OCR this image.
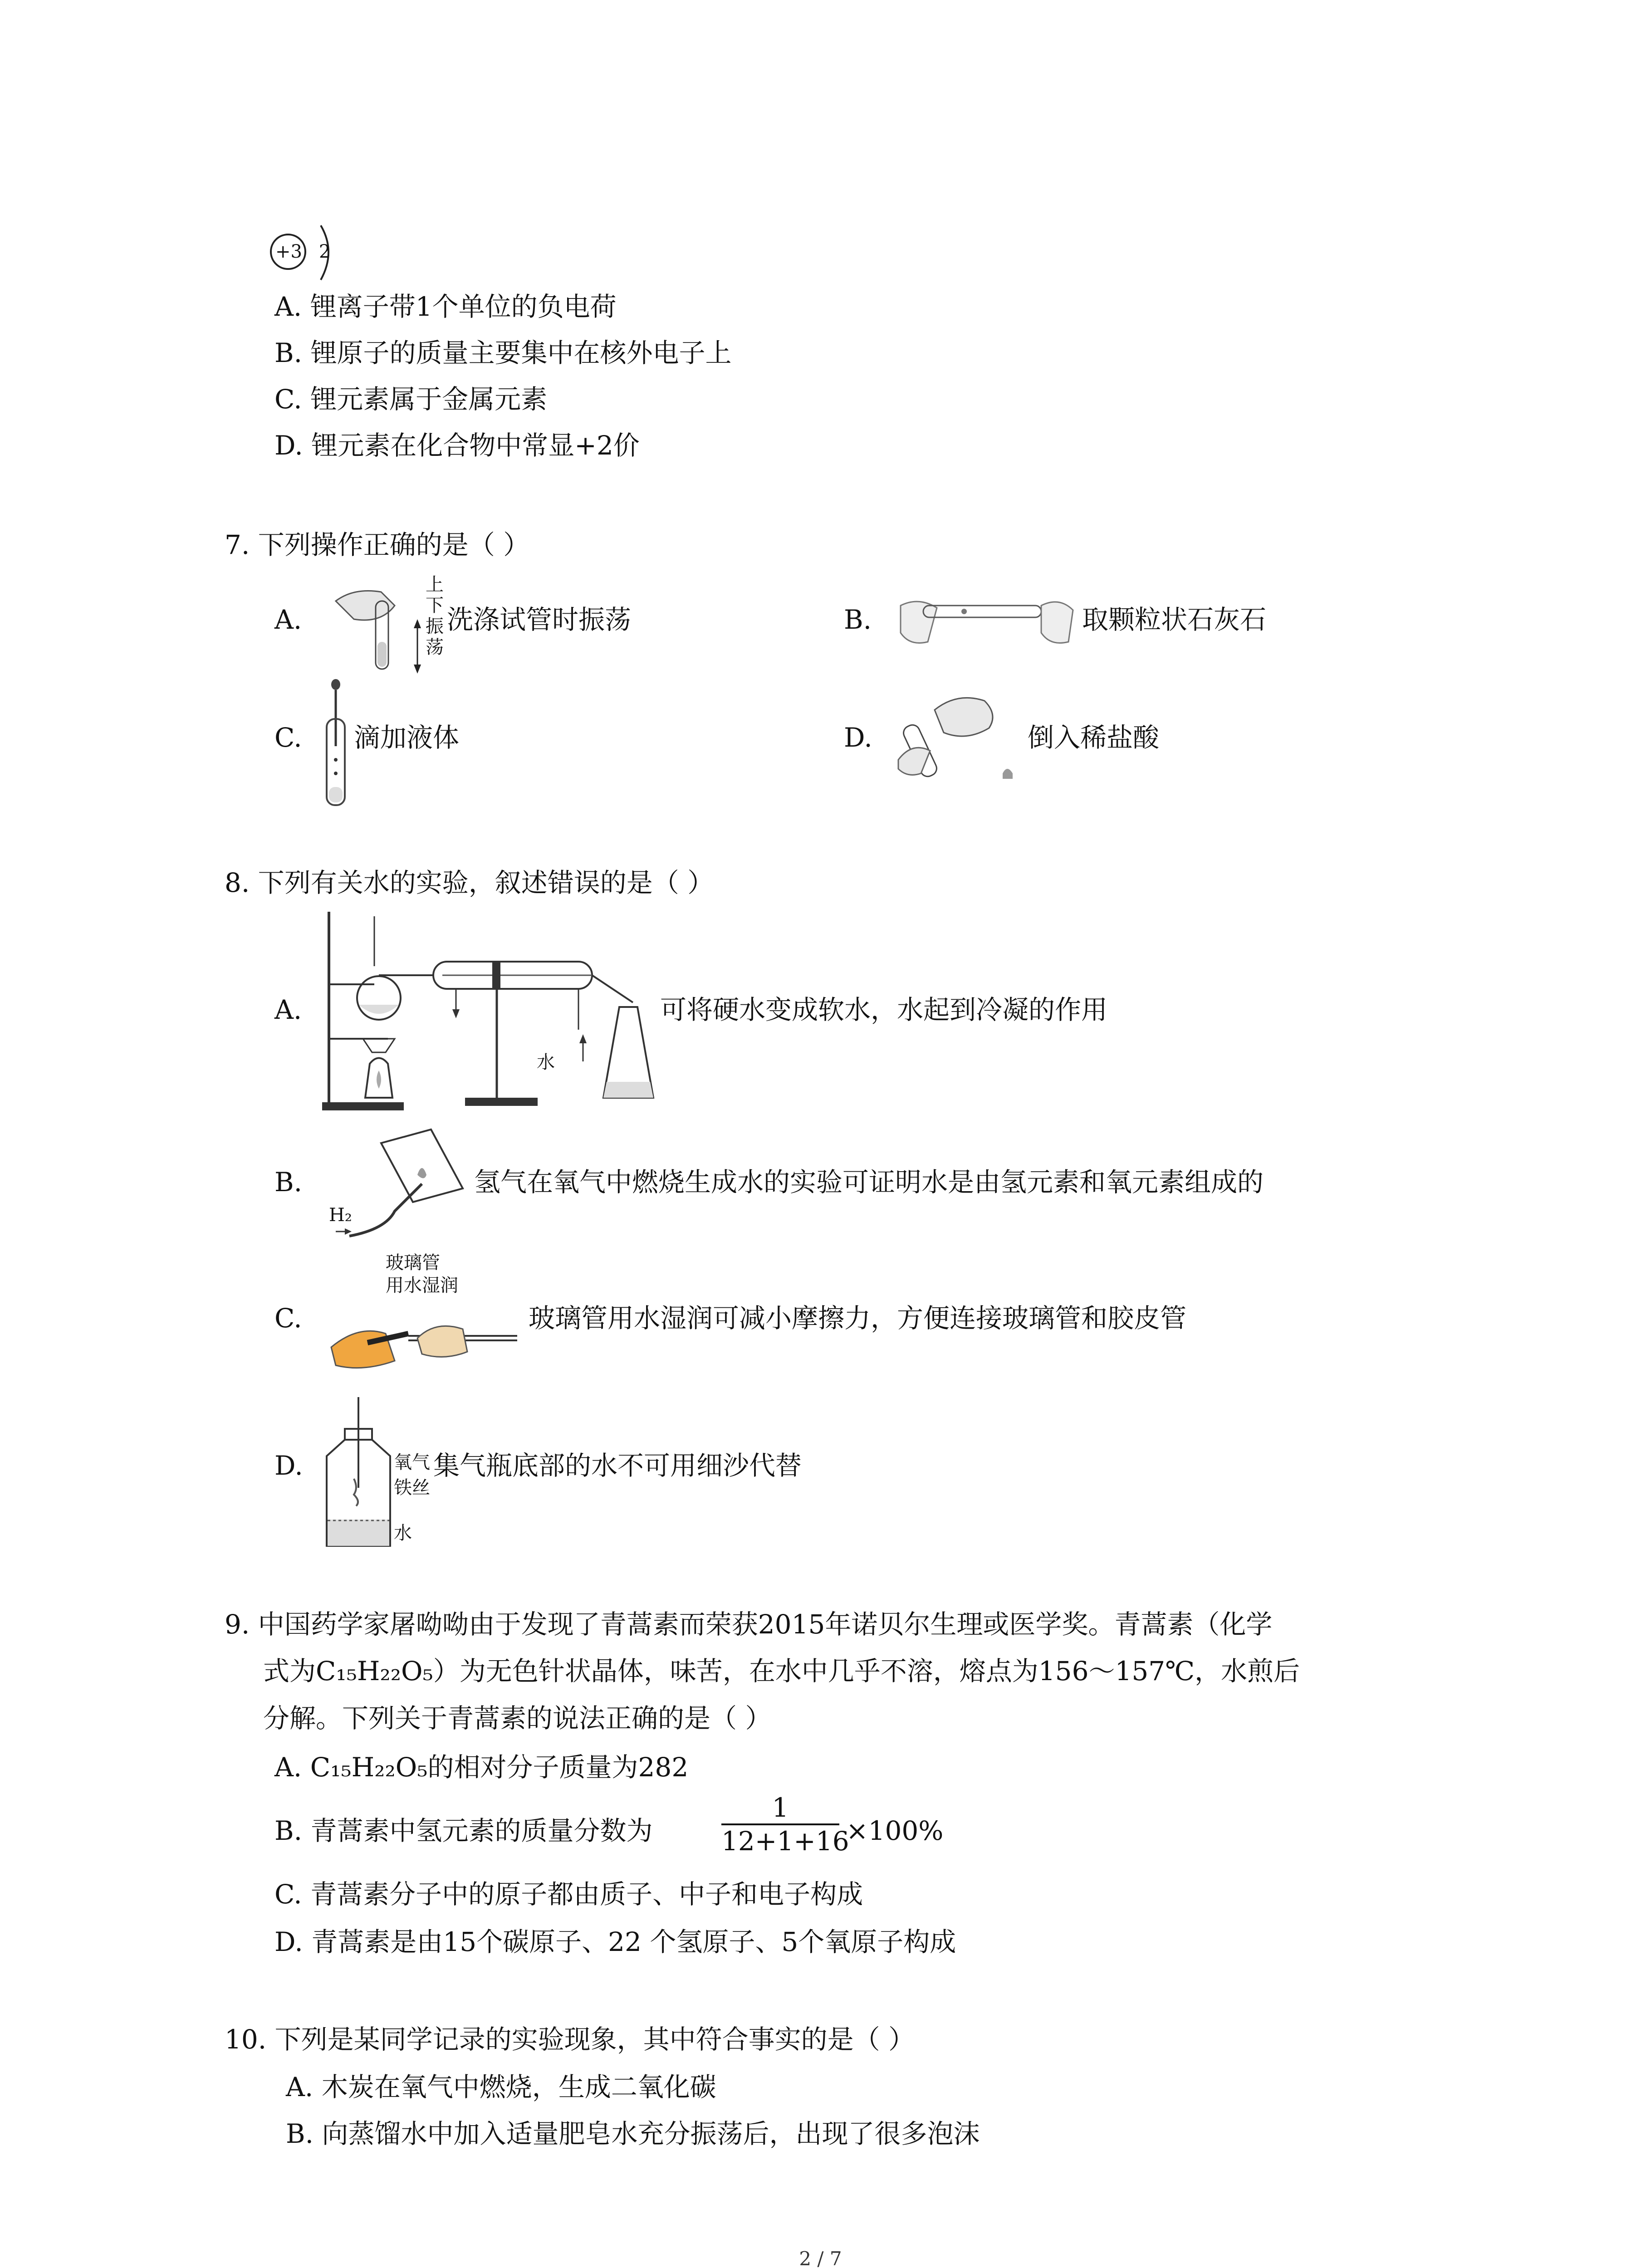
+3 2
A. 锂离子带1个单位的负电荷
B. 锂原子的质量主要集中在核外电子上
C. 锂元素属于金属元素
D. 锂元素在化合物中常显+2价
7. 下列操作正确的是（ ）
A.
上
下
振
荡
洗涤试管时振荡	B.	取颗粒状石灰石
C. 滴加液体	D.	倒入稀盐酸
8. 下列有关水的实验，叙述错误的是（ ）
A.
水
可将硬水变成软水，水起到冷凝的作用
B.
H₂
氢气在氧气中燃烧生成水的实验可证明水是由氢元素和氧元素组成的
C.
玻璃管
用水湿润
玻璃管用水湿润可减小摩擦力，方便连接玻璃管和胶皮管
D.	氧气
铁丝
水
集气瓶底部的水不可用细沙代替
9. 中国药学家屠呦呦由于发现了青蒿素而荣获2015年诺贝尔生理或医学奖。青蒿素（化学
式为C₁₅H₂₂O₅）为无色针状晶体，味苦，在水中几乎不溶，熔点为156～157℃，水煎后
分解。下列关于青蒿素的说法正确的是（ ）
A. C₁₅H₂₂O₅的相对分子质量为282
B. 青蒿素中氢元素的质量分数为	$\frac{1}{12+1+16} \times 100\%$
C. 青蒿素分子中的原子都由质子、中子和电子构成
D. 青蒿素是由15个碳原子、22 个氢原子、5个氧原子构成
10. 下列是某同学记录的实验现象，其中符合事实的是（ ）
A. 木炭在氧气中燃烧，生成二氧化碳
B. 向蒸馏水中加入适量肥皂水充分振荡后，出现了很多泡沫
2 / 7
